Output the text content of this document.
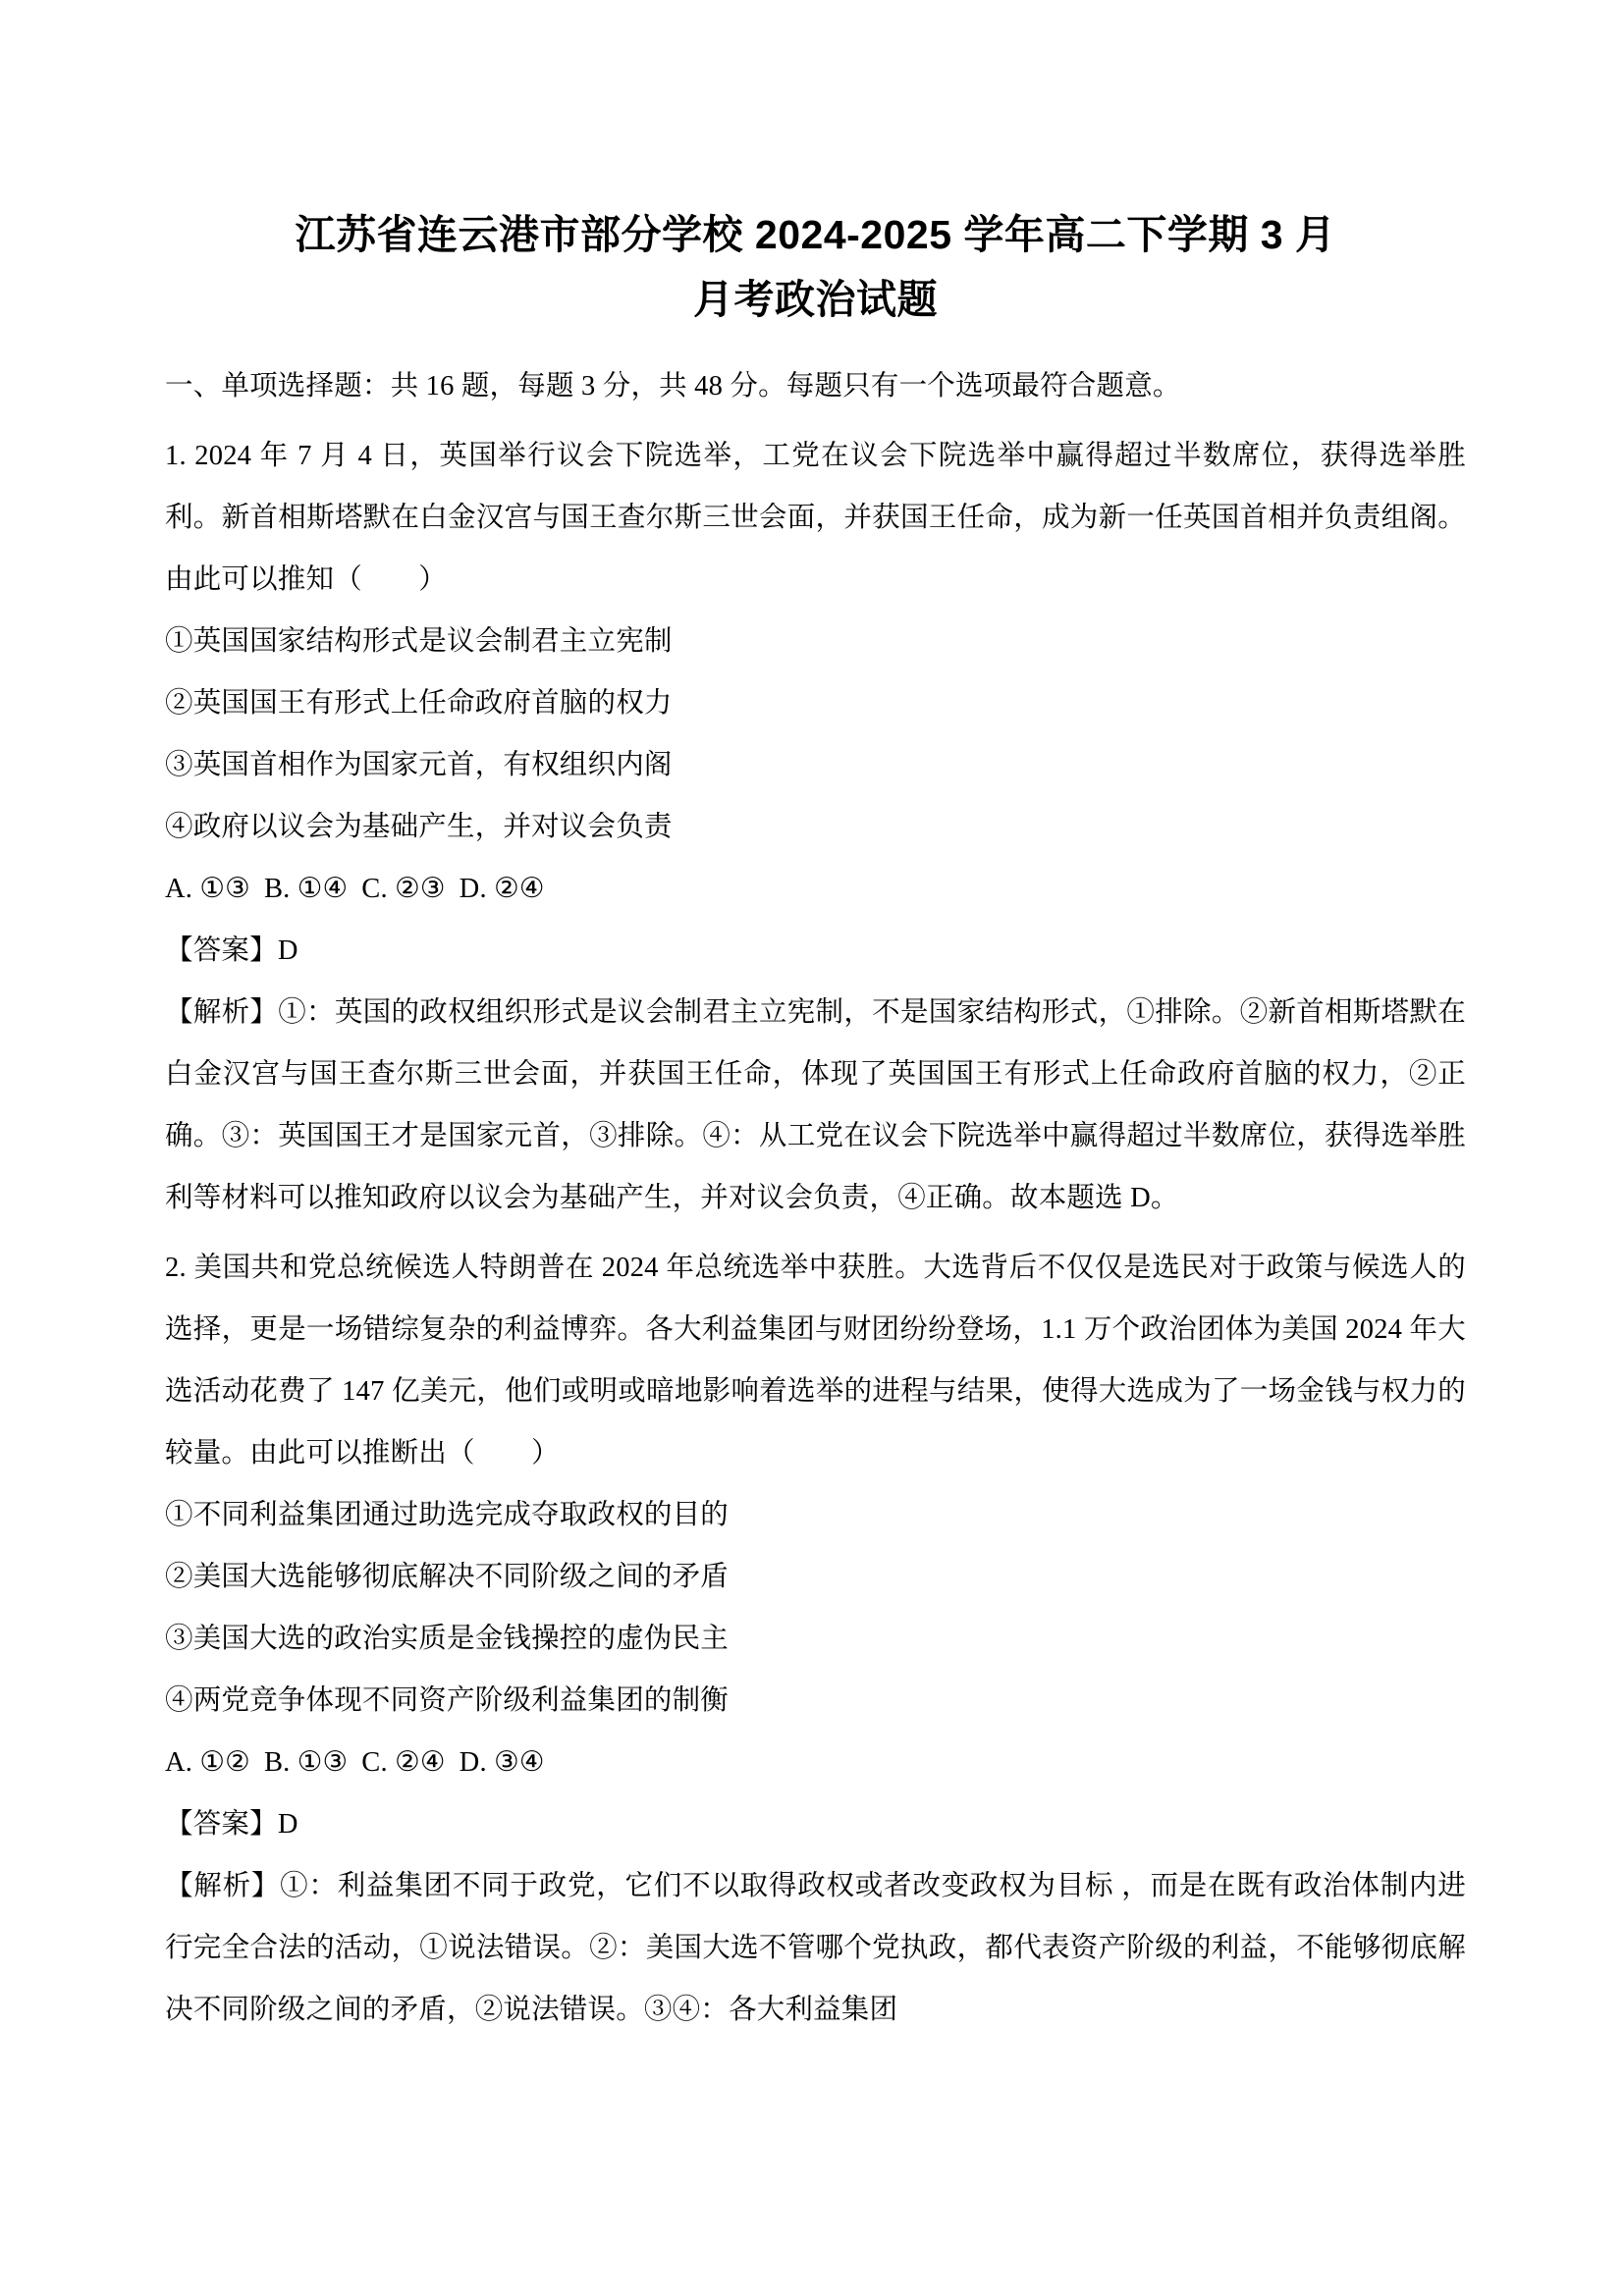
江苏省连云港市部分学校 2024-2025 学年高二下学期 3 月
月考政治试题

一、单项选择题：共 16 题，每题 3 分，共 48 分。每题只有一个选项最符合题意。

1. 2024 年 7 月 4 日，英国举行议会下院选举，工党在议会下院选举中赢得超过半数席位，获得选举胜利。新首相斯塔默在白金汉宫与国王查尔斯三世会面，并获国王任命，成为新一任英国首相并负责组阁。由此可以推知（　　）

①英国国家结构形式是议会制君主立宪制

②英国国王有形式上任命政府首脑的权力

③英国首相作为国家元首，有权组织内阁

④政府以议会为基础产生，并对议会负责

A. ①③ B. ①④ C. ②③ D. ②④

【答案】D

【解析】①：英国的政权组织形式是议会制君主立宪制，不是国家结构形式，①排除。②新首相斯塔默在白金汉宫与国王查尔斯三世会面，并获国王任命，体现了英国国王有形式上任命政府首脑的权力，②正确。③：英国国王才是国家元首，③排除。④：从工党在议会下院选举中赢得超过半数席位，获得选举胜利等材料可以推知政府以议会为基础产生，并对议会负责，④正确。故本题选 D。

2. 美国共和党总统候选人特朗普在 2024 年总统选举中获胜。大选背后不仅仅是选民对于政策与候选人的选择，更是一场错综复杂的利益博弈。各大利益集团与财团纷纷登场，1.1 万个政治团体为美国 2024 年大选活动花费了 147 亿美元，他们或明或暗地影响着选举的进程与结果，使得大选成为了一场金钱与权力的较量。由此可以推断出（　　）

①不同利益集团通过助选完成夺取政权的目的

②美国大选能够彻底解决不同阶级之间的矛盾

③美国大选的政治实质是金钱操控的虚伪民主

④两党竞争体现不同资产阶级利益集团的制衡

A. ①② B. ①③ C. ②④ D. ③④

【答案】D

【解析】①：利益集团不同于政党，它们不以取得政权或者改变政权为目标 ，而是在既有政治体制内进行完全合法的活动，①说法错误。②：美国大选不管哪个党执政，都代表资产阶级的利益，不能够彻底解决不同阶级之间的矛盾，②说法错误。③④：各大利益集团
